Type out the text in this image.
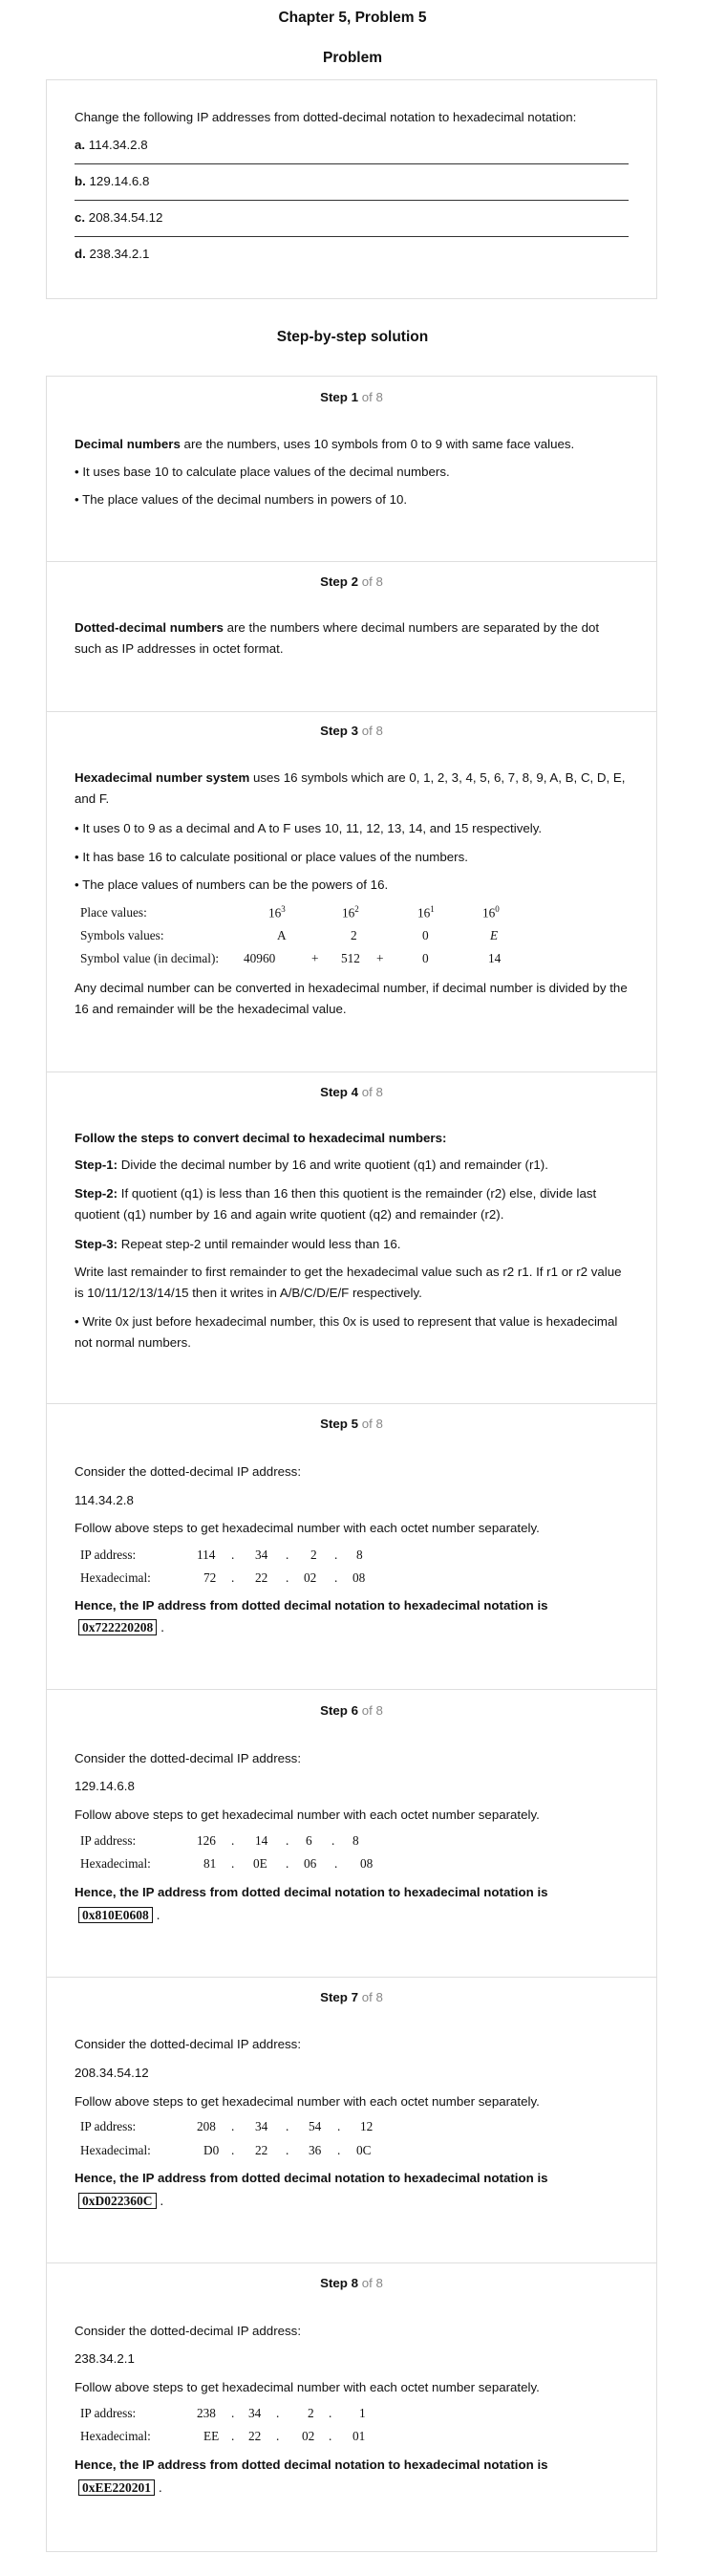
Chapter 5, Problem 5
Problem
Change the following IP addresses from dotted-decimal notation to hexadecimal notation:
a. 114.34.2.8
b. 129.14.6.8
c. 208.34.54.12
d. 238.34.2.1
Step-by-step solution
Step 1 of 8
Decimal numbers are the numbers, uses 10 symbols from 0 to 9 with same face values.
• It uses base 10 to calculate place values of the decimal numbers.
• The place values of the decimal numbers in powers of 10.
Step 2 of 8
Dotted-decimal numbers are the numbers where decimal numbers are separated by the dot such as IP addresses in octet format.
Step 3 of 8
Hexadecimal number system uses 16 symbols which are 0, 1, 2, 3, 4, 5, 6, 7, 8, 9, A, B, C, D, E, and F.
• It uses 0 to 9 as a decimal and A to F uses 10, 11, 12, 13, 14, and 15 respectively.
• It has base 16 to calculate positional or place values of the numbers.
• The place values of numbers can be the powers of 16.
Place values:	$16^3$	$16^2$	$16^1$	$16^0$
Symbols values:	A	2	0	E
Symbol value (in decimal): 40960	+ 512 +	0	14
Any decimal number can be converted in hexadecimal number, if decimal number is divided by the 16 and remainder will be the hexadecimal value.
Step 4 of 8
Follow the steps to convert decimal to hexadecimal numbers:
Step-1: Divide the decimal number by 16 and write quotient (q1) and remainder (r1).
Step-2: If quotient (q1) is less than 16 then this quotient is the remainder (r2) else, divide last quotient (q1) number by 16 and again write quotient (q2) and remainder (r2).
Step-3: Repeat step-2 until remainder would less than 16.
Write last remainder to first remainder to get the hexadecimal value such as r2 r1. If r1 or r2 value is 10/11/12/13/14/15 then it writes in A/B/C/D/E/F respectively.
• Write 0x just before hexadecimal number, this 0x is used to represent that value is hexadecimal not normal numbers.
Step 5 of 8
Consider the dotted-decimal IP address:
114.34.2.8
Follow above steps to get hexadecimal number with each octet number separately.
IP address:	114 . 34 . 2 . 8
Hexadecimal:	72 . 22 . 02 . 08
Hence, the IP address from dotted decimal notation to hexadecimal notation is
0x722220208 .
Step 6 of 8
Consider the dotted-decimal IP address:
129.14.6.8
Follow above steps to get hexadecimal number with each octet number separately.
IP address:	126 . 14 . 6 . 8
Hexadecimal:	81 . 0E . 06 . 08
Hence, the IP address from dotted decimal notation to hexadecimal notation is
0x810E0608 .
Step 7 of 8
Consider the dotted-decimal IP address:
208.34.54.12
Follow above steps to get hexadecimal number with each octet number separately.
IP address:	208 . 34 . 54 . 12
Hexadecimal:	D0 . 22 . 36 . 0C
Hence, the IP address from dotted decimal notation to hexadecimal notation is
0xD022360C .
Step 8 of 8
Consider the dotted-decimal IP address:
238.34.2.1
Follow above steps to get hexadecimal number with each octet number separately.
IP address:	238 . 34 . 2 . 1
Hexadecimal:	EE . 22 . 02 . 01
Hence, the IP address from dotted decimal notation to hexadecimal notation is
0xEE220201 .
